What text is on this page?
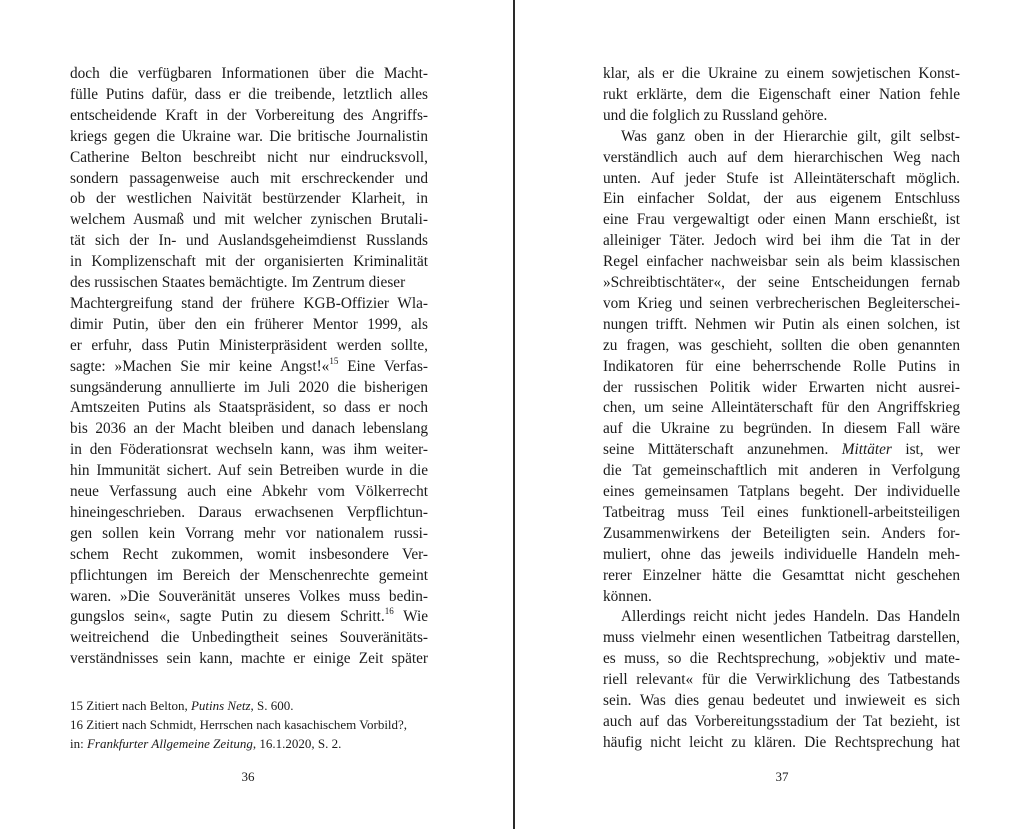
doch die verfügbaren Informationen über die Macht-
fülle Putins dafür, dass er die treibende, letztlich alles
entscheidende Kraft in der Vorbereitung des Angriffs-
kriegs gegen die Ukraine war. Die britische Journalistin
Catherine Belton beschreibt nicht nur eindrucksvoll,
sondern passagenweise auch mit erschreckender und
ob der westlichen Naivität bestürzender Klarheit, in
welchem Ausmaß und mit welcher zynischen Brutali-
tät sich der In- und Auslandsgeheimdienst Russlands
in Komplizenschaft mit der organisierten Kriminalität
des russischen Staates bemächtigte. Im Zentrum dieser
Machtergreifung stand der frühere KGB-Offizier Wla-
dimir Putin, über den ein früherer Mentor 1999, als
er erfuhr, dass Putin Ministerpräsident werden sollte,
sagte: »Machen Sie mir keine Angst!«$^{15}$ Eine Verfas-
sungsänderung annullierte im Juli 2020 die bisherigen
Amtszeiten Putins als Staatspräsident, so dass er noch
bis 2036 an der Macht bleiben und danach lebenslang
in den Föderationsrat wechseln kann, was ihm weiter-
hin Immunität sichert. Auf sein Betreiben wurde in die
neue Verfassung auch eine Abkehr vom Völkerrecht
hineingeschrieben. Daraus erwachsenen Verpflichtun-
gen sollen kein Vorrang mehr vor nationalem russi-
schem Recht zukommen, womit insbesondere Ver-
pflichtungen im Bereich der Menschenrechte gemeint
waren. »Die Souveränität unseres Volkes muss bedin-
gungslos sein«, sagte Putin zu diesem Schritt.$^{16}$ Wie
weitreichend die Unbedingtheit seines Souveränitäts-
verständnisses sein kann, machte er einige Zeit später
15 Zitiert nach Belton, Putins Netz, S. 600.
16 Zitiert nach Schmidt, Herrschen nach kasachischem Vorbild?,
in: Frankfurter Allgemeine Zeitung, 16.1.2020, S. 2.
36
klar, als er die Ukraine zu einem sowjetischen Konst-
rukt erklärte, dem die Eigenschaft einer Nation fehle
und die folglich zu Russland gehöre.
Was ganz oben in der Hierarchie gilt, gilt selbst-
verständlich auch auf dem hierarchischen Weg nach
unten. Auf jeder Stufe ist Alleintäterschaft möglich.
Ein einfacher Soldat, der aus eigenem Entschluss
eine Frau vergewaltigt oder einen Mann erschießt, ist
alleiniger Täter. Jedoch wird bei ihm die Tat in der
Regel einfacher nachweisbar sein als beim klassischen
»Schreibtischtäter«, der seine Entscheidungen fernab
vom Krieg und seinen verbrecherischen Begleiterschei-
nungen trifft. Nehmen wir Putin als einen solchen, ist
zu fragen, was geschieht, sollten die oben genannten
Indikatoren für eine beherrschende Rolle Putins in
der russischen Politik wider Erwarten nicht ausrei-
chen, um seine Alleintäterschaft für den Angriffskrieg
auf die Ukraine zu begründen. In diesem Fall wäre
seine Mittäterschaft anzunehmen. Mittäter ist, wer
die Tat gemeinschaftlich mit anderen in Verfolgung
eines gemeinsamen Tatplans begeht. Der individuelle
Tatbeitrag muss Teil eines funktionell-arbeitsteiligen
Zusammenwirkens der Beteiligten sein. Anders for-
muliert, ohne das jeweils individuelle Handeln meh-
rerer Einzelner hätte die Gesamttat nicht geschehen
können.
Allerdings reicht nicht jedes Handeln. Das Handeln
muss vielmehr einen wesentlichen Tatbeitrag darstellen,
es muss, so die Rechtsprechung, »objektiv und mate-
riell relevant« für die Verwirklichung des Tatbestands
sein. Was dies genau bedeutet und inwieweit es sich
auch auf das Vorbereitungsstadium der Tat bezieht, ist
häufig nicht leicht zu klären. Die Rechtsprechung hat
37
